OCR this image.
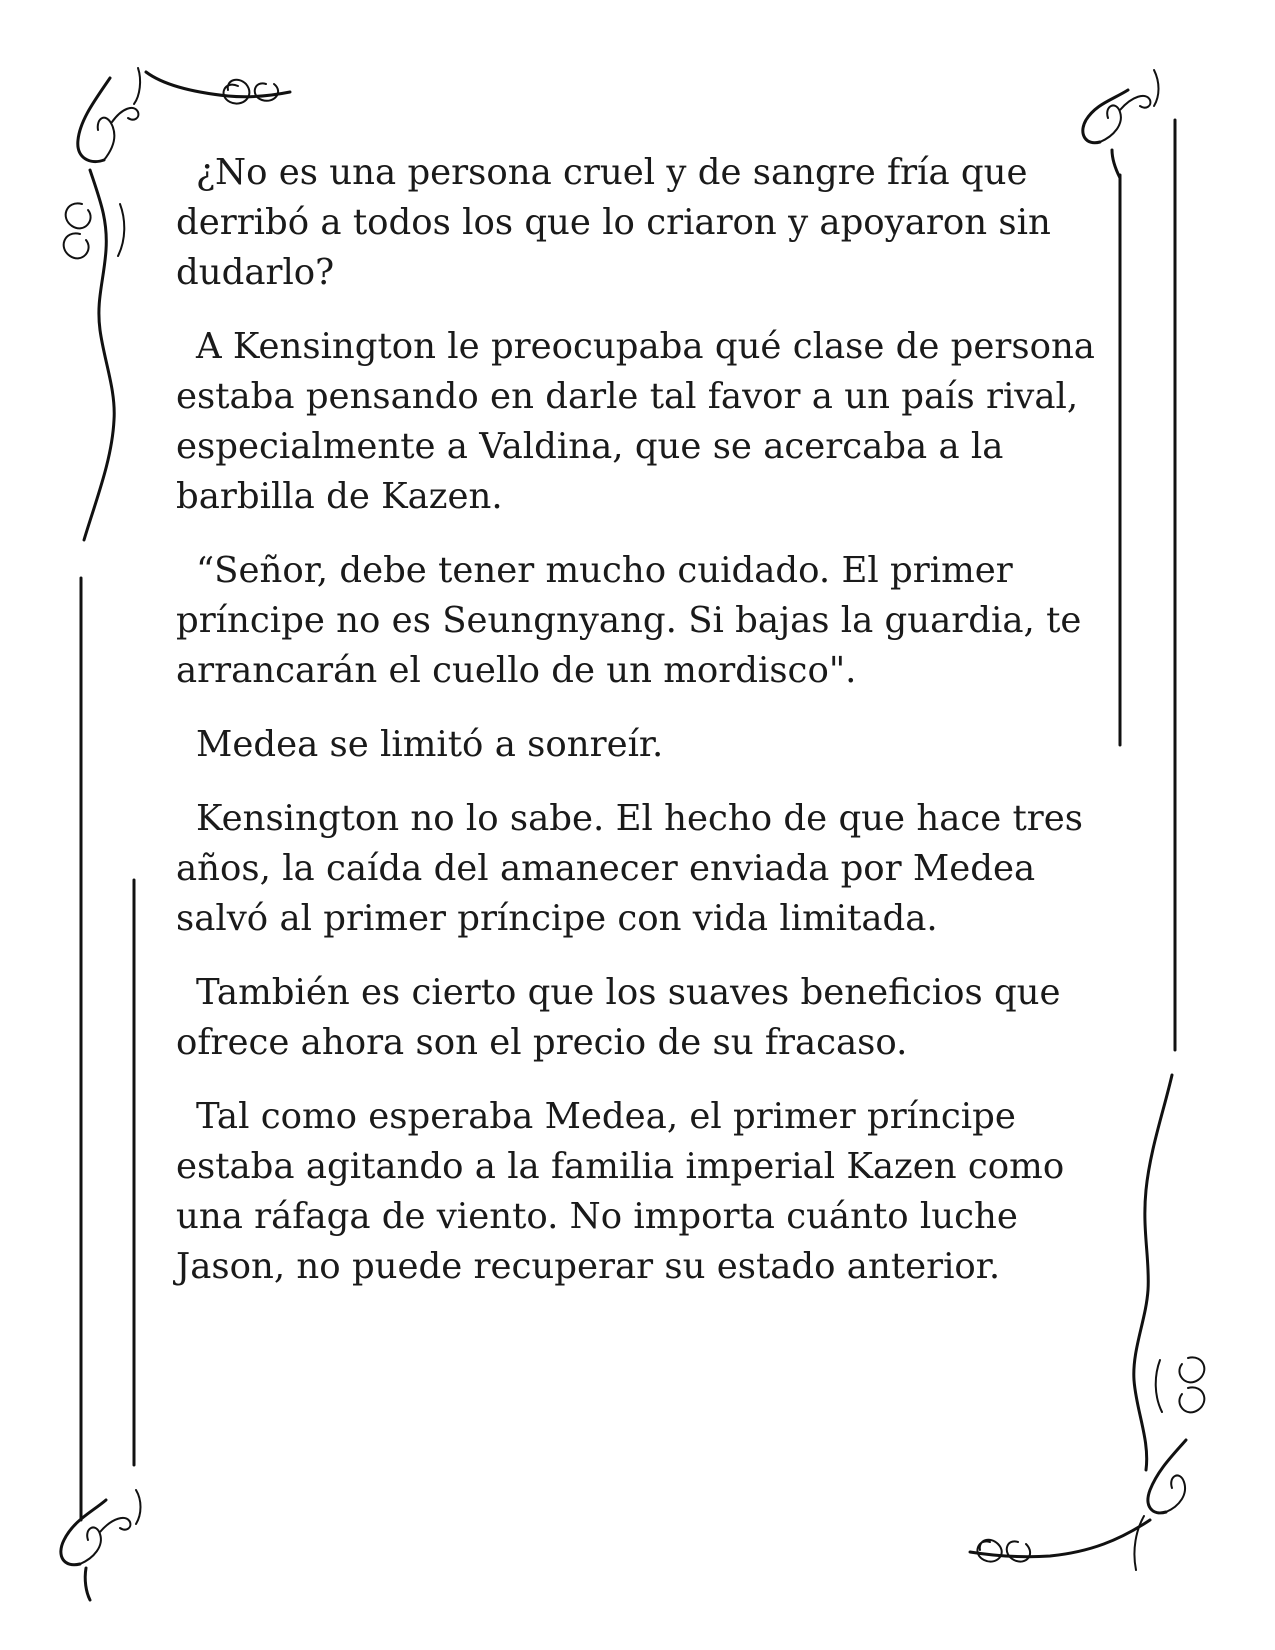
¿No es una persona cruel y de sangre fría que derribó a todos los que lo criaron y apoyaron sin dudarlo?

A Kensington le preocupaba qué clase de persona estaba pensando en darle tal favor a un país rival, especialmente a Valdina, que se acercaba a la barbilla de Kazen.

“Señor, debe tener mucho cuidado. El primer príncipe no es Seungnyang. Si bajas la guardia, te arrancarán el cuello de un mordisco".

Medea se limitó a sonreír.

Kensington no lo sabe. El hecho de que hace tres años, la caída del amanecer enviada por Medea salvó al primer príncipe con vida limitada.

También es cierto que los suaves beneficios que ofrece ahora son el precio de su fracaso.

Tal como esperaba Medea, el primer príncipe estaba agitando a la familia imperial Kazen como una ráfaga de viento. No importa cuánto luche Jason, no puede recuperar su estado anterior.
